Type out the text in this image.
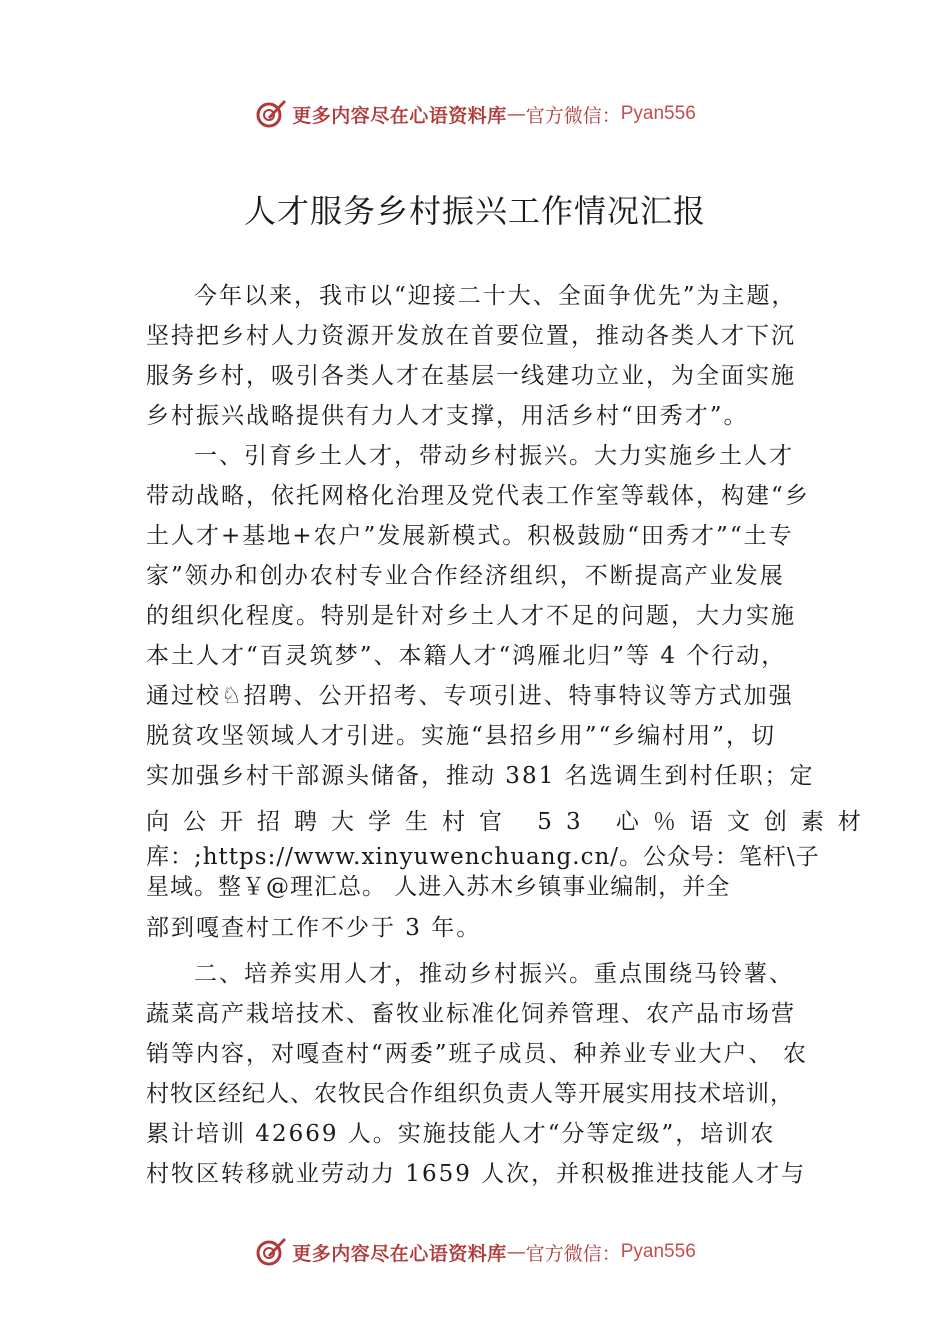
更多内容尽在心语资料库 — 官方微信： Pyan556
人才服务乡村振兴工作情况汇报
今年以来，我市以“迎接二十大、全面争优先”为主题，
坚持把乡村人力资源开发放在首要位置，推动各类人才下沉
服务乡村，吸引各类人才在基层一线建功立业，为全面实施
乡村振兴战略提供有力人才支撑，用活乡村“田秀才”。
一、引育乡土人才，带动乡村振兴。大力实施乡土人才
带动战略，依托网格化治理及党代表工作室等载体，构建“乡
土人才+基地+农户”发展新模式。积极鼓励“田秀才”“土专
家”领办和创办农村专业合作经济组织，不断提高产业发展
的组织化程度。特别是针对乡土人才不足的问题，大力实施
本土人才“百灵筑梦”、本籍人才“鸿雁北归”等 4 个行动，
通过校♘招聘、公开招考、专项引进、特事特议等方式加强
脱贫攻坚领域人才引进。实施“县招乡用”“乡编村用”，切
实加强乡村干部源头储备，推动 381 名选调生到村任职；定
向公开招聘大学生村官 53 心％语文创素材
库：;https://www.xinyuwenchuang.cn/。公众号：笔杆\子
星域。整￥@理汇总。 人进入苏木乡镇事业编制，并全
部到嘎查村工作不少于 3 年。
二、培养实用人才，推动乡村振兴。重点围绕马铃薯、
蔬菜高产栽培技术、畜牧业标准化饲养管理、农产品市场营
销等内容，对嘎查村“两委”班子成员、种养业专业大户、 农
村牧区经纪人、农牧民合作组织负责人等开展实用技术培训，
累计培训 42669 人。实施技能人才“分等定级”，培训农
村牧区转移就业劳动力 1659 人次，并积极推进技能人才与
更多内容尽在心语资料库 — 官方微信： Pyan556
